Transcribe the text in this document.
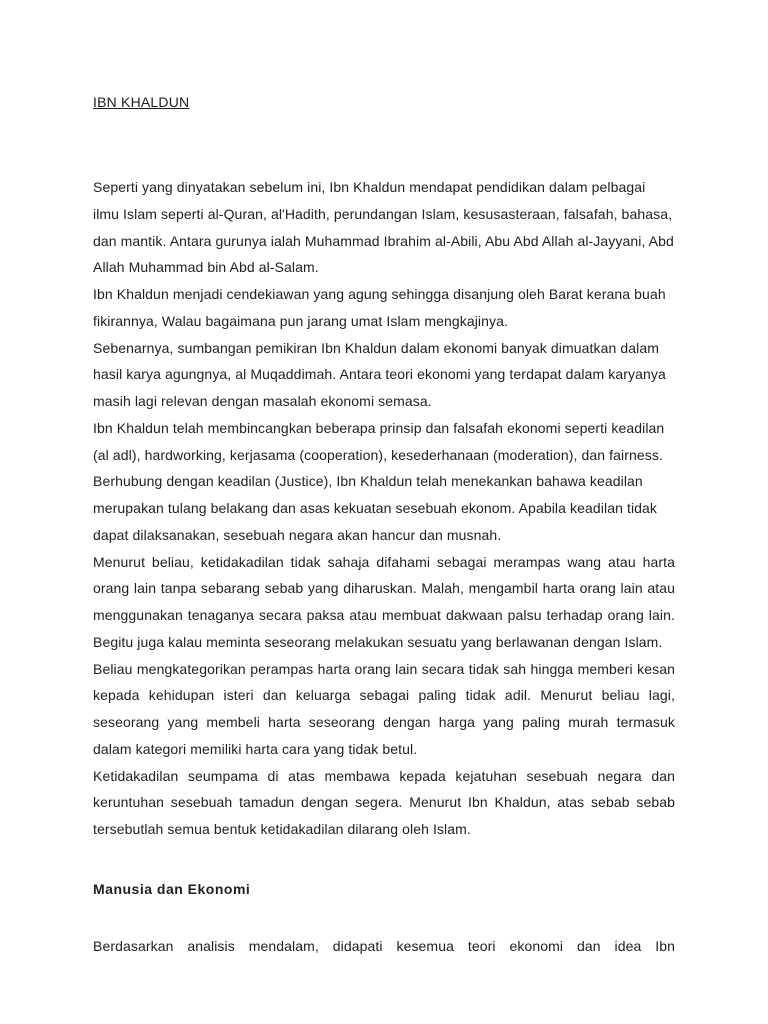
IBN KHALDUN

Seperti yang dinyatakan sebelum ini, Ibn Khaldun mendapat pendidikan dalam pelbagai ilmu Islam seperti al-Quran, al'Hadith, perundangan Islam, kesusasteraan, falsafah, bahasa, dan mantik. Antara gurunya ialah Muhammad Ibrahim al-Abili, Abu Abd Allah al-Jayyani, Abd Allah Muhammad bin Abd al-Salam.

Ibn Khaldun menjadi cendekiawan yang agung sehingga disanjung oleh Barat kerana buah fikirannya, Walau bagaimana pun jarang umat Islam mengkajinya.

Sebenarnya, sumbangan pemikiran Ibn Khaldun dalam ekonomi banyak dimuatkan dalam hasil karya agungnya, al Muqaddimah. Antara teori ekonomi yang terdapat dalam karyanya masih lagi relevan dengan masalah ekonomi semasa.

Ibn Khaldun telah membincangkan beberapa prinsip dan falsafah ekonomi seperti keadilan (al adl), hardworking, kerjasama (cooperation), kesederhanaan (moderation), dan fairness.

Berhubung dengan keadilan (Justice), Ibn Khaldun telah menekankan bahawa keadilan merupakan tulang belakang dan asas kekuatan sesebuah ekonom. Apabila keadilan tidak dapat dilaksanakan, sesebuah negara akan hancur dan musnah.

Menurut beliau, ketidakadilan tidak sahaja difahami sebagai merampas wang atau harta orang lain tanpa sebarang sebab yang diharuskan. Malah, mengambil harta orang lain atau menggunakan tenaganya secara paksa atau membuat dakwaan palsu terhadap orang lain. Begitu juga kalau meminta seseorang melakukan sesuatu yang berlawanan dengan Islam.

Beliau mengkategorikan perampas harta orang lain secara tidak sah hingga memberi kesan kepada kehidupan isteri dan keluarga sebagai paling tidak adil. Menurut beliau lagi, seseorang yang membeli harta seseorang dengan harga yang paling murah termasuk dalam kategori memiliki harta cara yang tidak betul.

Ketidakadilan seumpama di atas membawa kepada kejatuhan sesebuah negara dan keruntuhan sesebuah tamadun dengan segera. Menurut Ibn Khaldun, atas sebab sebab tersebutlah semua bentuk ketidakadilan dilarang oleh Islam.

Manusia dan Ekonomi

Berdasarkan analisis mendalam, didapati kesemua teori ekonomi dan idea Ibn
